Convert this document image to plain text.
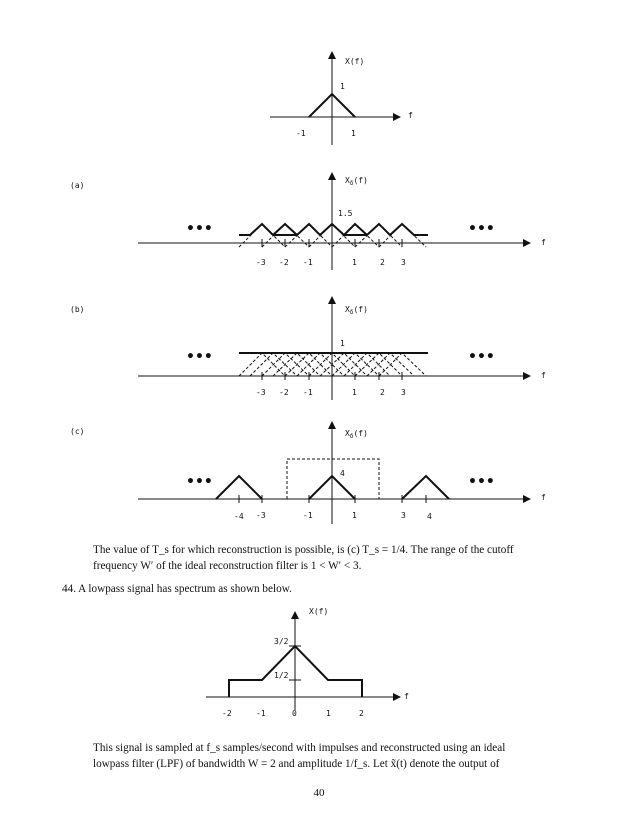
X(f)
1
f
-1	1
(a)
•••	•••
$X_\delta(f)$
1.5
f
-3 -2 -1	1	2 3
(b)
•••	•••
$X_\delta(f)$
1
f
-3 -2 -1	1	2 3
(c)
•••	•••
$X_\delta(f)$
4
f
-4 -3	-1	1	3	4
X(f)
3/2
1/2
f
-2	-1	0	1	2

The value of T_s for which reconstruction is possible, is (c) T_s = 1/4. The range of the cutoff

frequency W′ of the ideal reconstruction filter is 1 < W′ < 3.

44. A lowpass signal has spectrum as shown below.

This signal is sampled at f_s samples/second with impulses and reconstructed using an ideal

lowpass filter (LPF) of bandwidth W = 2 and amplitude 1/f_s. Let x̃(t) denote the output of

40
